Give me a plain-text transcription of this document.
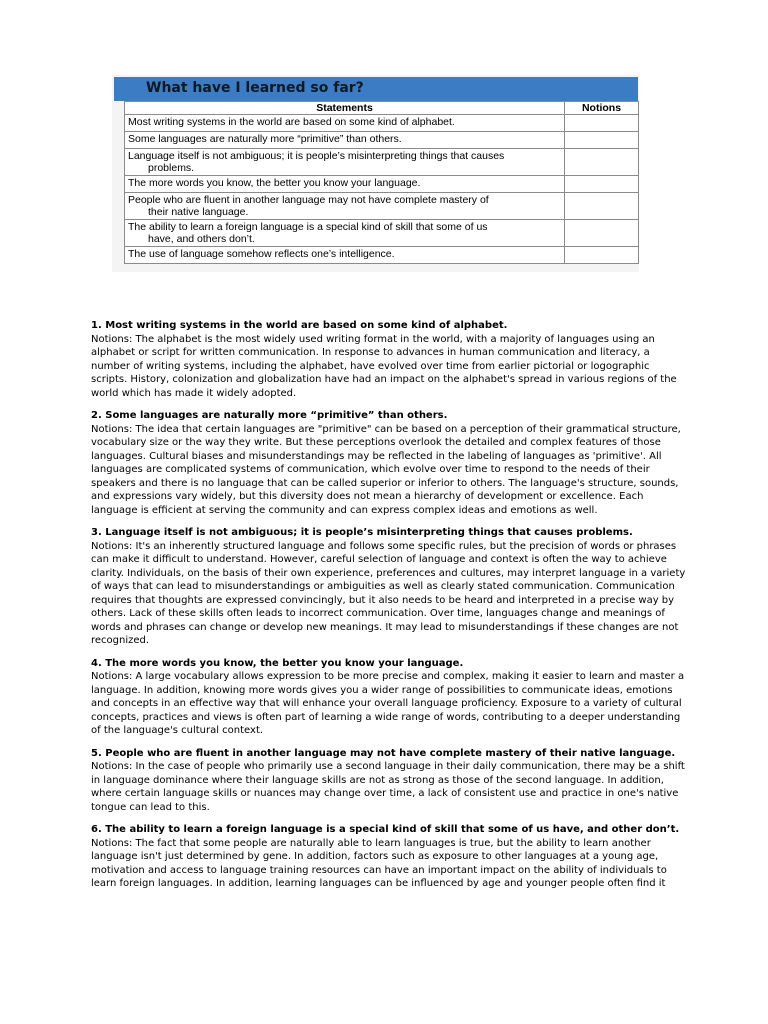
What have I learned so far?
Statements	Notions
Most writing systems in the world are based on some kind of alphabet.	
Some languages are naturally more “primitive” than others.	
Language itself is not ambiguous; it is people’s misinterpreting things that causes
problems.	

The more words you know, the better you know your language.	
People who are fluent in another language may not have complete mastery of
their native language.	

The ability to learn a foreign language is a special kind of skill that some of us
have, and others don’t.	

The use of language somehow reflects one’s intelligence.	

1. Most writing systems in the world are based on some kind of alphabet.

Notions: The alphabet is the most widely used writing format in the world, with a majority of languages using an alphabet or script for written communication. In response to advances in human communication and literacy, a number of writing systems, including the alphabet, have evolved over time from earlier pictorial or logographic scripts. History, colonization and globalization have had an impact on the alphabet's spread in various regions of the world which has made it widely adopted.

2. Some languages are naturally more “primitive” than others.

Notions: The idea that certain languages are "primitive" can be based on a perception of their grammatical structure, vocabulary size or the way they write. But these perceptions overlook the detailed and complex features of those languages. Cultural biases and misunderstandings may be reflected in the labeling of languages as 'primitive'. All languages are complicated systems of communication, which evolve over time to respond to the needs of their speakers and there is no language that can be called superior or inferior to others. The language's structure, sounds, and expressions vary widely, but this diversity does not mean a hierarchy of development or excellence. Each language is efficient at serving the community and can express complex ideas and emotions as well.

3. Language itself is not ambiguous; it is people’s misinterpreting things that causes problems.

Notions: It's an inherently structured language and follows some specific rules, but the precision of words or phrases can make it difficult to understand. However, careful selection of language and context is often the way to achieve clarity. Individuals, on the basis of their own experience, preferences and cultures, may interpret language in a variety of ways that can lead to misunderstandings or ambiguities as well as clearly stated communication. Communication requires that thoughts are expressed convincingly, but it also needs to be heard and interpreted in a precise way by others. Lack of these skills often leads to incorrect communication. Over time, languages change and meanings of words and phrases can change or develop new meanings. It may lead to misunderstandings if these changes are not recognized.

4. The more words you know, the better you know your language.

Notions: A large vocabulary allows expression to be more precise and complex, making it easier to learn and master a language. In addition, knowing more words gives you a wider range of possibilities to communicate ideas, emotions and concepts in an effective way that will enhance your overall language proficiency. Exposure to a variety of cultural concepts, practices and views is often part of learning a wide range of words, contributing to a deeper understanding of the language's cultural context.

5. People who are fluent in another language may not have complete mastery of their native language.

Notions: In the case of people who primarily use a second language in their daily communication, there may be a shift in language dominance where their language skills are not as strong as those of the second language. In addition, where certain language skills or nuances may change over time, a lack of consistent use and practice in one's native tongue can lead to this.

6. The ability to learn a foreign language is a special kind of skill that some of us have, and other don’t.

Notions: The fact that some people are naturally able to learn languages is true, but the ability to learn another language isn't just determined by gene. In addition, factors such as exposure to other languages at a young age, motivation and access to language training resources can have an important impact on the ability of individuals to learn foreign languages. In addition, learning languages can be influenced by age and younger people often find it
